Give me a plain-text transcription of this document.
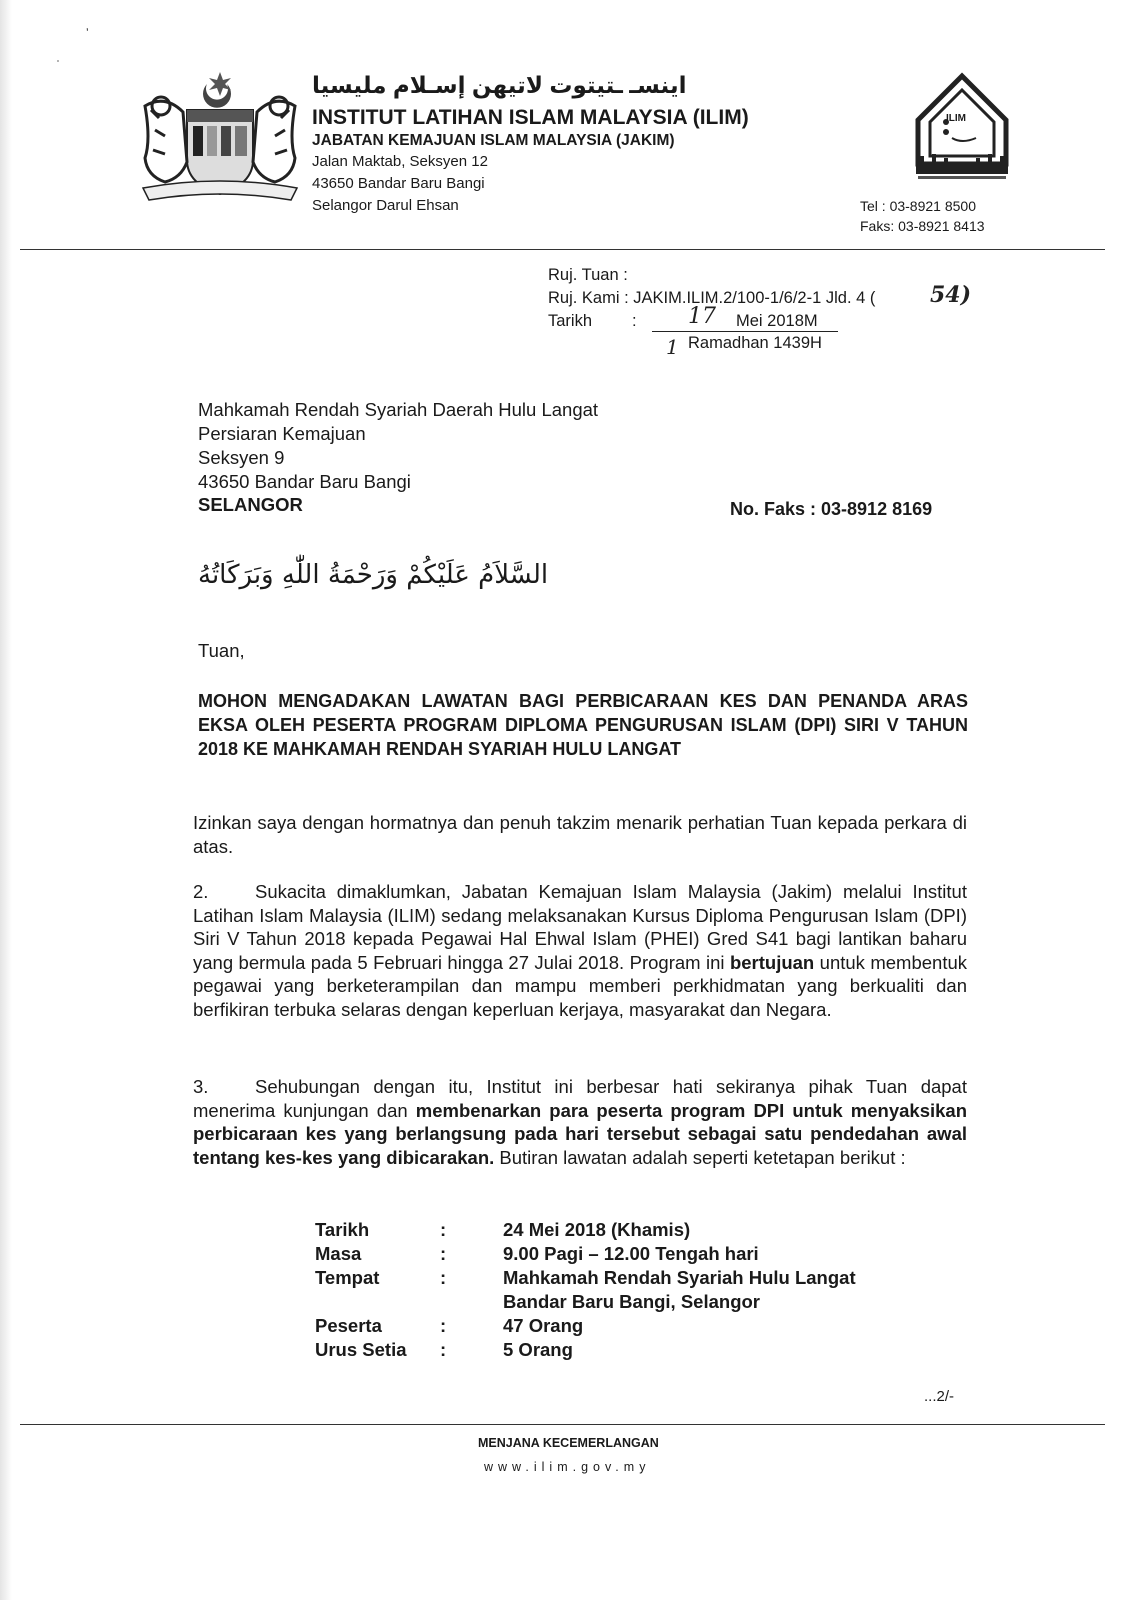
ʼ
ˈ
اينسـ ـتيتوت لاتيهن إسـلام مليسيا
INSTITUT LATIHAN ISLAM MALAYSIA (ILIM)
JABATAN KEMAJUAN ISLAM MALAYSIA (JAKIM)
Jalan Maktab, Seksyen 12
43650 Bandar Baru Bangi
Selangor Darul Ehsan
ILIM
Tel : 03-8921 8500
Faks: 03-8921 8413
Ruj. Tuan :
Ruj. Kami : JAKIM.ILIM.2/100-1/6/2-1 Jld. 4 ( 54)
Tarikh : 17 Mei 2018M
1 Ramadhan 1439H
Mahkamah Rendah Syariah Daerah Hulu Langat
Persiaran Kemajuan
Seksyen 9
43650 Bandar Baru Bangi
SELANGOR	No. Faks : 03-8912 8169
السَّلاَمُ عَلَيْكُمْ وَرَحْمَةُ اللّٰهِ وَبَرَكَاتُهُ
Tuan,
MOHON MENGADAKAN LAWATAN BAGI PERBICARAAN KES DAN PENANDA ARAS EKSA OLEH PESERTA PROGRAM DIPLOMA PENGURUSAN ISLAM (DPI) SIRI V TAHUN 2018 KE MAHKAMAH RENDAH SYARIAH HULU LANGAT
Izinkan saya dengan hormatnya dan penuh takzim menarik perhatian Tuan kepada perkara di atas.
2.	Sukacita dimaklumkan, Jabatan Kemajuan Islam Malaysia (Jakim) melalui Institut Latihan Islam Malaysia (ILIM) sedang melaksanakan Kursus Diploma Pengurusan Islam (DPI) Siri V Tahun 2018 kepada Pegawai Hal Ehwal Islam (PHEI) Gred S41 bagi lantikan baharu yang bermula pada 5 Februari hingga 27 Julai 2018. Program ini bertujuan untuk membentuk pegawai yang berketerampilan dan mampu memberi perkhidmatan yang berkualiti dan berfikiran terbuka selaras dengan keperluan kerjaya, masyarakat dan Negara.
3.	Sehubungan dengan itu, Institut ini berbesar hati sekiranya pihak Tuan dapat menerima kunjungan dan membenarkan para peserta program DPI untuk menyaksikan perbicaraan kes yang berlangsung pada hari tersebut sebagai satu pendedahan awal tentang kes-kes yang dibicarakan. Butiran lawatan adalah seperti ketetapan berikut :
Tarikh	:	24 Mei 2018 (Khamis)
Masa	:	9.00 Pagi – 12.00 Tengah hari
Tempat	:	Mahkamah Rendah Syariah Hulu Langat
		Bandar Baru Bangi, Selangor
Peserta	:	47 Orang
Urus Setia	:	5 Orang
...2/-
MENJANA KECEMERLANGAN
www.ilim.gov.my
